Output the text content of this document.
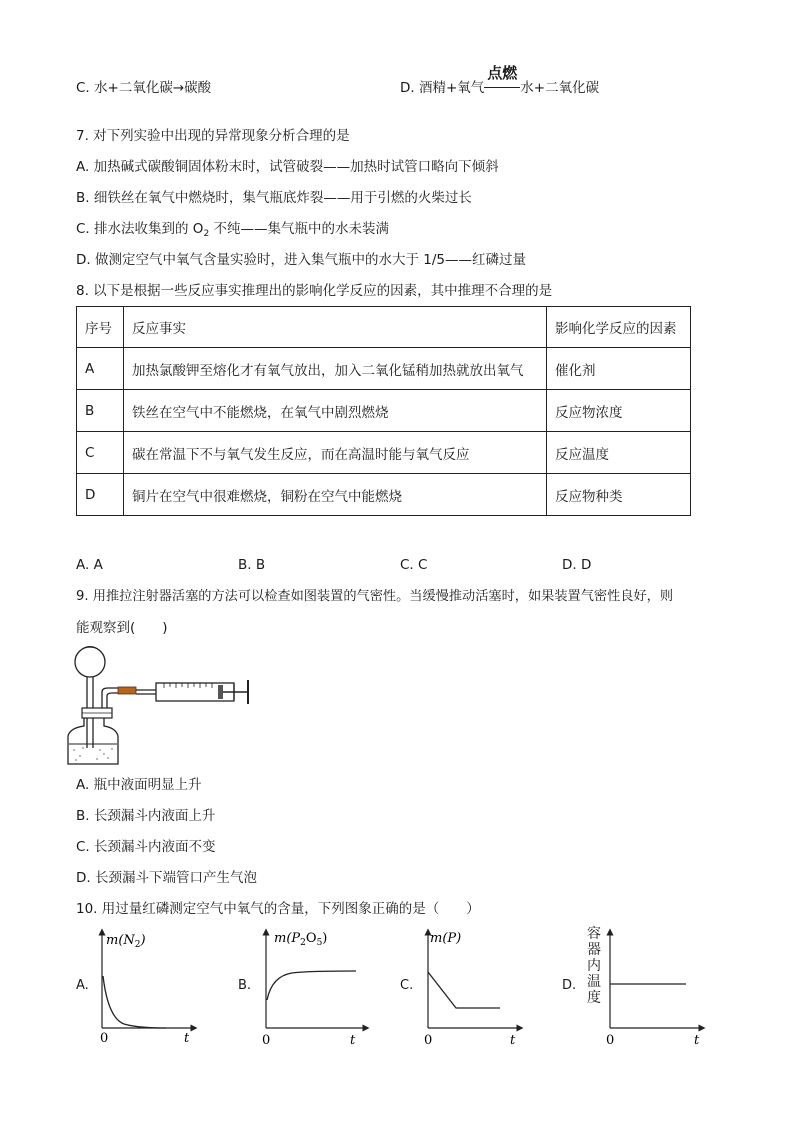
C. 水+二氧化碳→碳酸	D. 酒精+氧气
点燃
水+二氧化碳
7. 对下列实验中出现的异常现象分析合理的是
A. 加热碱式碳酸铜固体粉末时，试管破裂——加热时试管口略向下倾斜
B. 细铁丝在氧气中燃烧时，集气瓶底炸裂——用于引燃的火柴过长
C. 排水法收集到的 $O_2$ 不纯——集气瓶中的水未装满
D. 做测定空气中氧气含量实验时，进入集气瓶中的水大于 1/5——红磷过量
8. 以下是根据一些反应事实推理出的影响化学反应的因素，其中推理不合理的是
序号	反应事实	影响化学反应的因素
A	加热氯酸钾至熔化才有氧气放出，加入二氧化锰稍加热就放出氧气	催化剂
B	铁丝在空气中不能燃烧，在氧气中剧烈燃烧	反应物浓度
C	碳在常温下不与氧气发生反应，而在高温时能与氧气反应	反应温度
D	铜片在空气中很难燃烧，铜粉在空气中能燃烧	反应物种类
A. A	B. B	C. C	D. D
9. 用推拉注射器活塞的方法可以检查如图装置的气密性。当缓慢推动活塞时，如果装置气密性良好，则
能观察到(　　)
A. 瓶中液面明显上升
B. 长颈漏斗内液面上升
C. 长颈漏斗内液面不变
D. 长颈漏斗下端管口产生气泡
10. 用过量红磷测定空气中氧气的含量，下列图象正确的是（　　）
A.
$m(N_2)$
0	t
B.
$m(P_2O_5)$
0	t
C.
m(P)
0	t
D.
容
器
内
温
度
0	t
